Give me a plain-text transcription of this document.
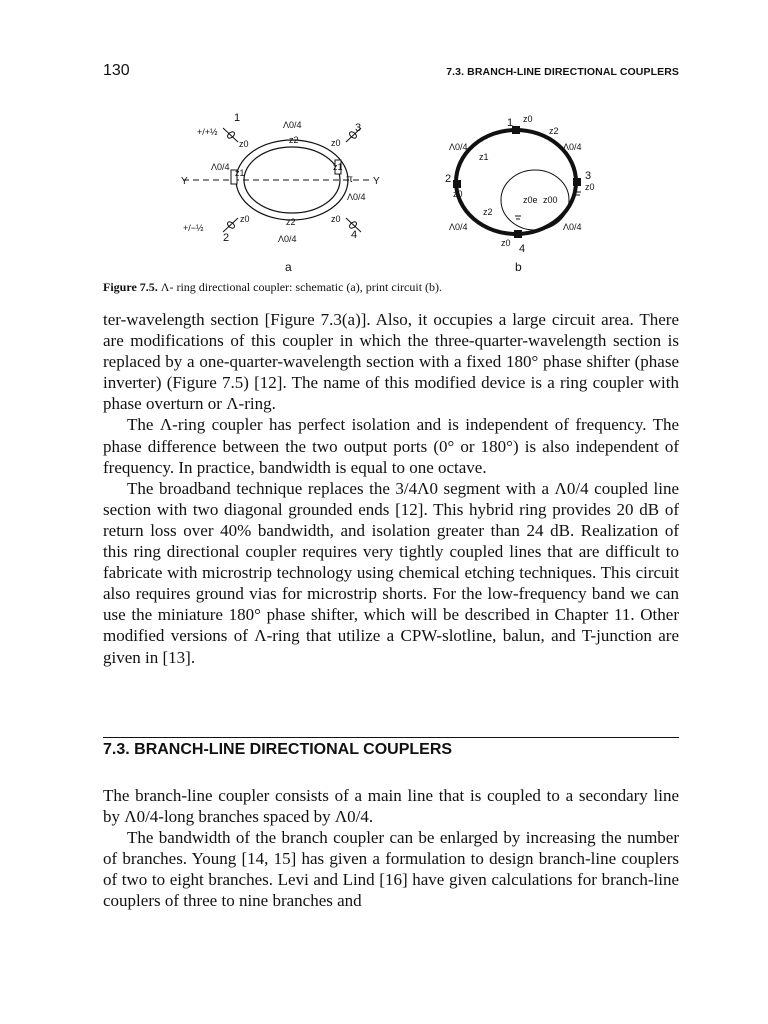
130	7.3. BRANCH-LINE DIRECTIONAL COUPLERS
1
2
3
4
+/+½
+/−½
Λ0/4
Λ0/4
Λ0/4
Λ0/4
z0	z2	z0
z1
z1
z0	z2	z0
Y	Y
π
a
1
2	3
4
z0
z0
z0
z0
z2
z2
z1
Λ0/4	Λ0/4
Λ0/4	Λ0/4
z0e z00
b
Figure 7.5. Λ- ring directional coupler: schematic (a), print circuit (b).

ter-wavelength section [Figure 7.3(a)]. Also, it occupies a large circuit area. There are modifications of this coupler in which the three-quarter-wavelength section is replaced by a one-quarter-wavelength section with a fixed 180° phase shifter (phase inverter) (Figure 7.5) [12]. The name of this modified device is a ring coupler with phase overturn or Λ-ring.

The Λ-ring coupler has perfect isolation and is independent of frequency. The phase difference between the two output ports (0° or 180°) is also independent of frequency. In practice, bandwidth is equal to one octave.

The broadband technique replaces the 3/4Λ0 segment with a Λ0/4 coupled line section with two diagonal grounded ends [12]. This hybrid ring provides 20 dB of return loss over 40% bandwidth, and isolation greater than 24 dB. Realization of this ring directional coupler requires very tightly coupled lines that are difficult to fabricate with microstrip technology using chemical etching techniques. This circuit also requires ground vias for microstrip shorts. For the low-frequency band we can use the miniature 180° phase shifter, which will be described in Chapter 11. Other modified versions of Λ-ring that utilize a CPW-slotline, balun, and T-junction are given in [13].

7.3. BRANCH-LINE DIRECTIONAL COUPLERS

The branch-line coupler consists of a main line that is coupled to a secondary line by Λ0/4-long branches spaced by Λ0/4.

The bandwidth of the branch coupler can be enlarged by increasing the number of branches. Young [14, 15] has given a formulation to design branch-line couplers of two to eight branches. Levi and Lind [16] have given calculations for branch-line couplers of three to nine branches and
